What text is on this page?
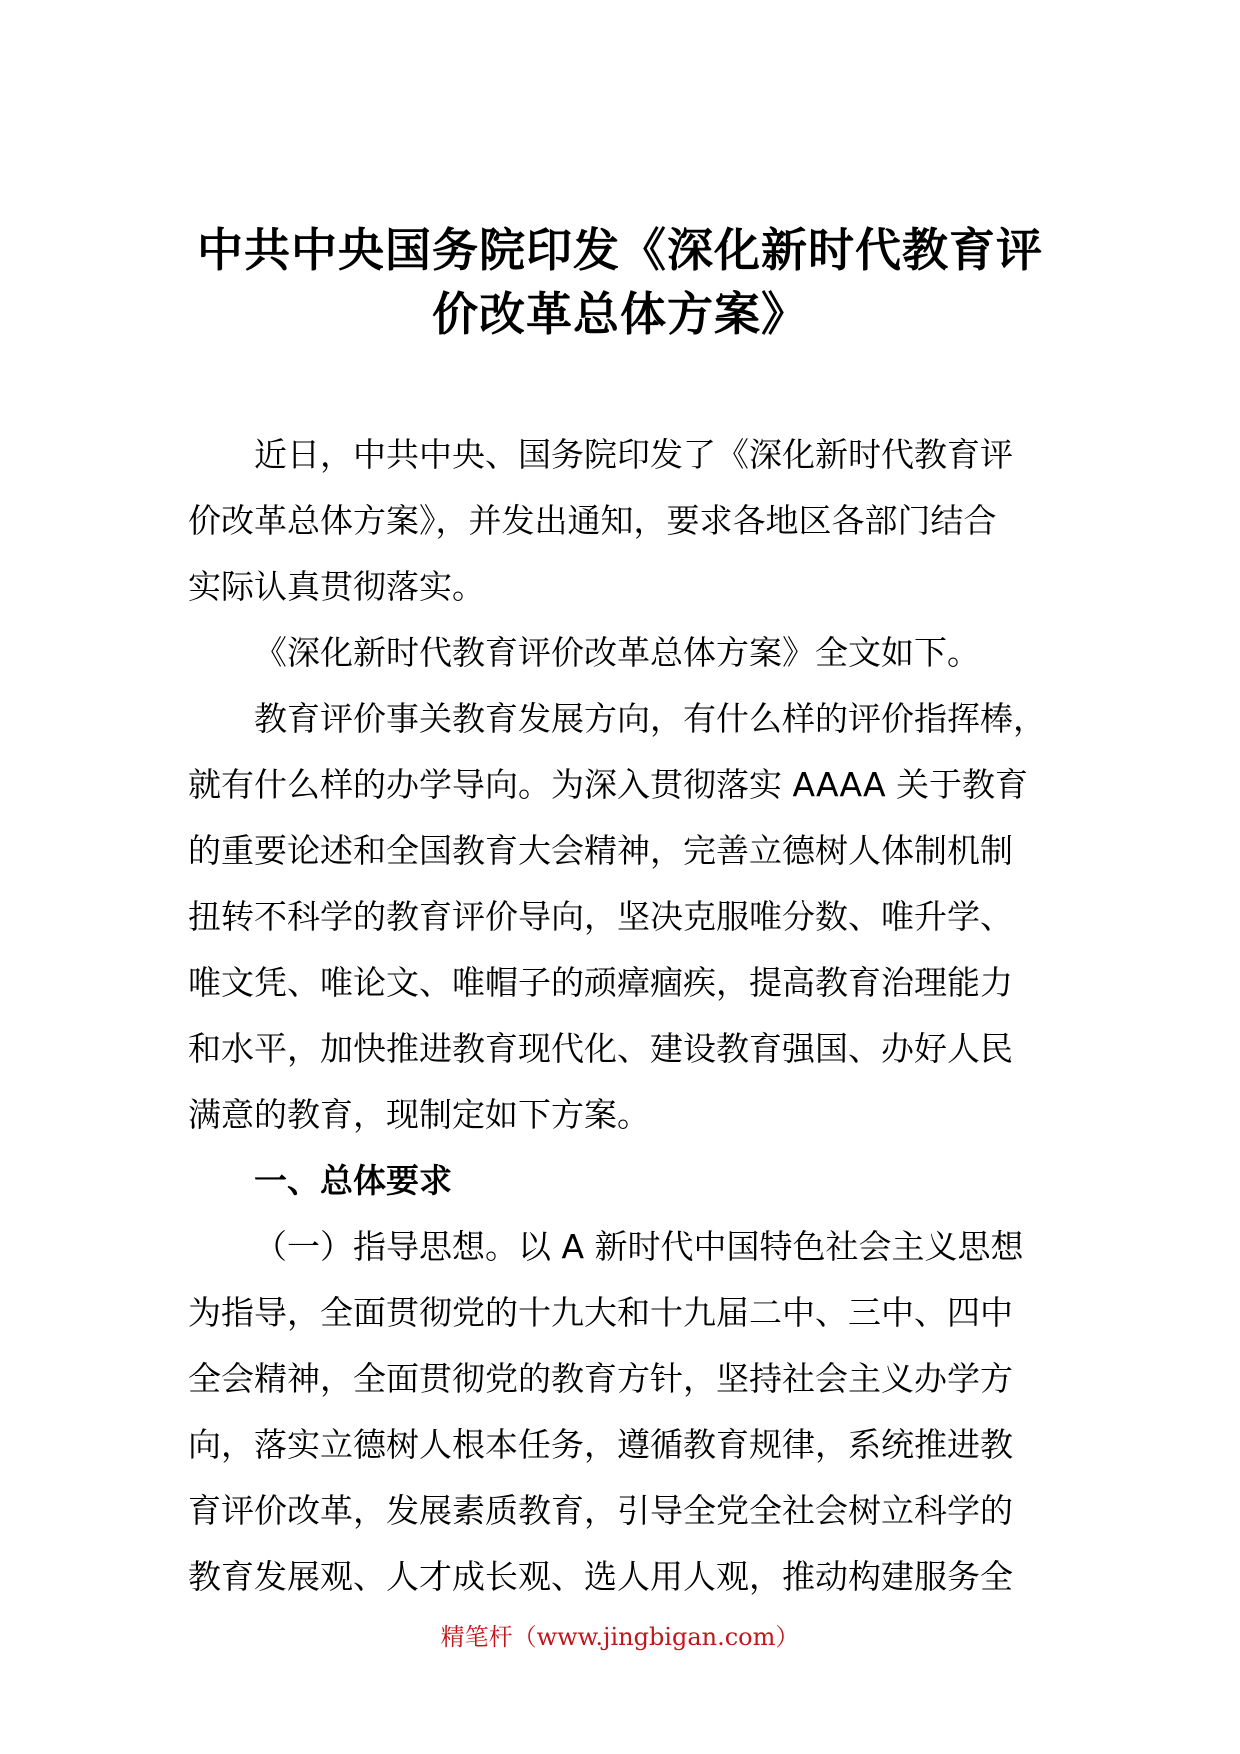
中共中央国务院印发《深化新时代教育评
价改革总体方案》
近日，中共中央、国务院印发了《深化新时代教育评
价改革总体方案》，并发出通知，要求各地区各部门结合
实际认真贯彻落实。
《深化新时代教育评价改革总体方案》全文如下。
教育评价事关教育发展方向，有什么样的评价指挥棒，
就有什么样的办学导向。为深入贯彻落实 AAAA 关于教育
的重要论述和全国教育大会精神，完善立德树人体制机制
扭转不科学的教育评价导向，坚决克服唯分数、唯升学、
唯文凭、唯论文、唯帽子的顽瘴痼疾，提高教育治理能力
和水平，加快推进教育现代化、建设教育强国、办好人民
满意的教育，现制定如下方案。
一、总体要求
（一）指导思想。以 A 新时代中国特色社会主义思想
为指导，全面贯彻党的十九大和十九届二中、三中、四中
全会精神，全面贯彻党的教育方针，坚持社会主义办学方
向，落实立德树人根本任务，遵循教育规律，系统推进教
育评价改革，发展素质教育，引导全党全社会树立科学的
教育发展观、人才成长观、选人用人观，推动构建服务全
精笔杆（www.jingbigan.com）
